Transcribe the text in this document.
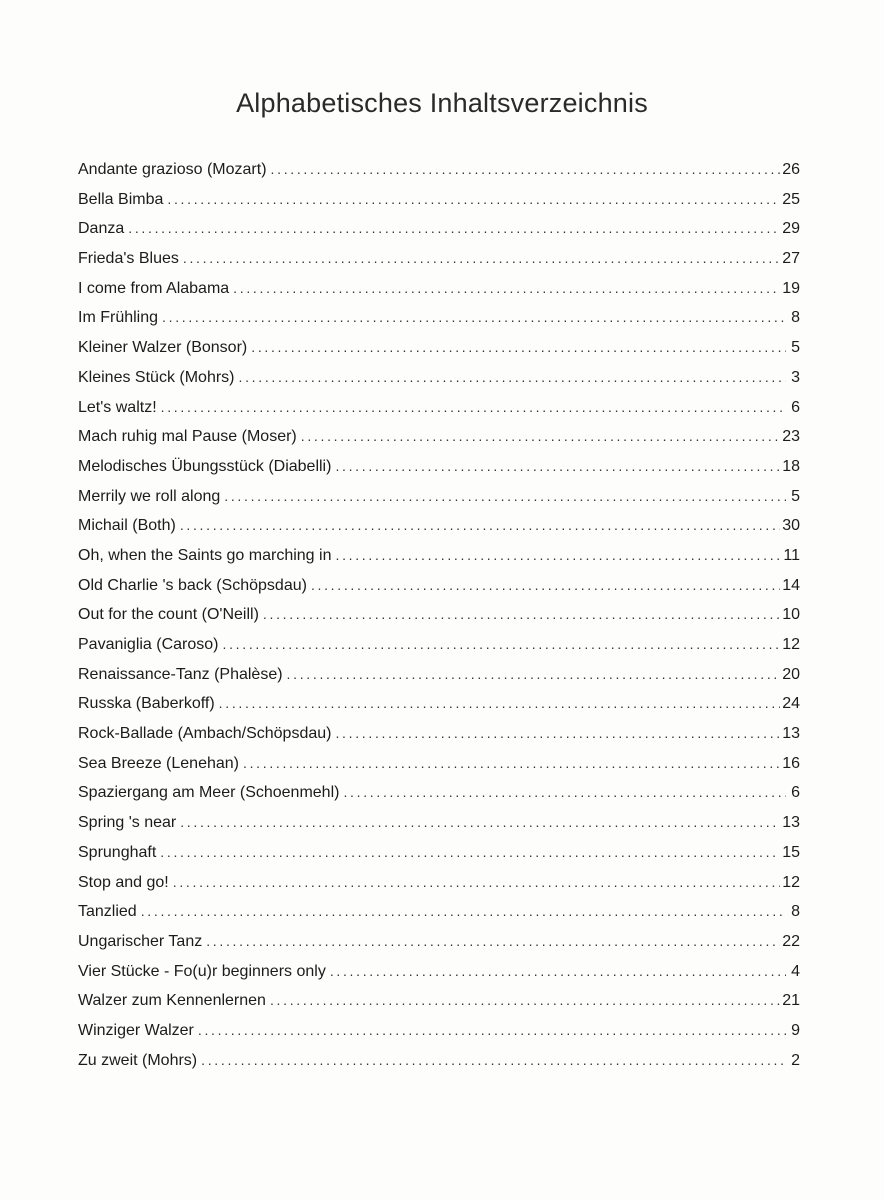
Alphabetisches Inhaltsverzeichnis
Andante grazioso (Mozart) . . .	26
Bella Bimba . . .	25
Danza . . .	29
Frieda's Blues . . .	27
I come from Alabama . . .	19
Im Frühling . . .	8
Kleiner Walzer (Bonsor) . . .	5
Kleines Stück (Mohrs) . . .	3
Let's waltz! . . .	6
Mach ruhig mal Pause (Moser) . . .	23
Melodisches Übungsstück (Diabelli) . . .	18
Merrily we roll along . . .	5
Michail (Both) . . .	30
Oh, when the Saints go marching in . . .	11
Old Charlie 's back (Schöpsdau) . . .	14
Out for the count (O'Neill) . . .	10
Pavaniglia (Caroso) . . .	12
Renaissance-Tanz (Phalèse) . . .	20
Russka (Baberkoff) . . .	24
Rock-Ballade (Ambach/Schöpsdau) . . .	13
Sea Breeze (Lenehan) . . .	16
Spaziergang am Meer (Schoenmehl) . . .	6
Spring 's near . . .	13
Sprunghaft . . .	15
Stop and go! . . .	12
Tanzlied . . .	8
Ungarischer Tanz . . .	22
Vier Stücke - Fo(u)r beginners only . . .	4
Walzer zum Kennenlernen . . .	21
Winziger Walzer . . .	9
Zu zweit (Mohrs) . . .	2
